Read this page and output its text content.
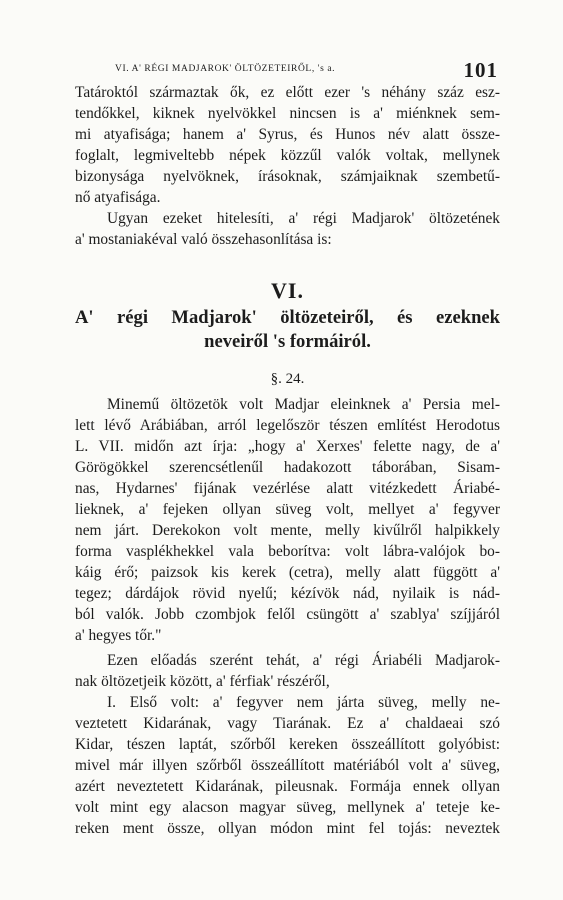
VI. A' RÉGI MADJAROK' ÖLTÖZETEIRŐL, 's a.	101
Tatároktól származtak ők, ez előtt ezer 's néhány száz esz-
tendőkkel, kiknek nyelvökkel nincsen is a' miénknek sem-
mi atyafisága; hanem a' Syrus, és Hunos név alatt össze-
foglalt, legmiveltebb népek közzűl valók voltak, mellynek
bizonysága nyelvöknek, írásoknak, számjaiknak szembetű-
nő atyafisága.
Ugyan ezeket hitelesíti, a' régi Madjarok' öltözetének
a' mostaniakéval való összehasonlítása is:
VI.
A' régi Madjarok' öltözeteiről, és ezeknek
neveiről 's formáiról.
§. 24.
Minemű öltözetök volt Madjar eleinknek a' Persia mel-
lett lévő Arábiában, arról legelőször tészen említést Herodotus
L. VII. midőn azt írja: „hogy a' Xerxes' felette nagy, de a'
Görögökkel szerencsétlenűl hadakozott táborában, Sisam-
nas, Hydarnes' fijának vezérlése alatt vitézkedett Áriabé-
lieknek, a' fejeken ollyan süveg volt, mellyet a' fegyver
nem járt. Derekokon volt mente, melly kivűlről halpikkely
forma vasplékhekkel vala beborítva: volt lábra-valójok bo-
káig érő; paizsok kis kerek (cetra), melly alatt függött a'
tegez; dárdájok rövid nyelű; kézívök nád, nyilaik is nád-
ból valók. Jobb czombjok felől csüngött a' szablya' szíjjáról
a' hegyes tőr."
Ezen előadás szerént tehát, a' régi Áriabéli Madjarok-
nak öltözetjeik között, a' férfiak' részéről,
I. Első volt: a' fegyver nem járta süveg, melly ne-
veztetett Kidarának, vagy Tiarának. Ez a' chaldaeai szó
Kidar, tészen laptát, szőrből kereken összeállított golyóbist:
mivel már illyen szőrből összeállított matériából volt a' süveg,
azért neveztetett Kidarának, pileusnak. Formája ennek ollyan
volt mint egy alacson magyar süveg, mellynek a' teteje ke-
reken ment össze, ollyan módon mint fel tojás: neveztek
